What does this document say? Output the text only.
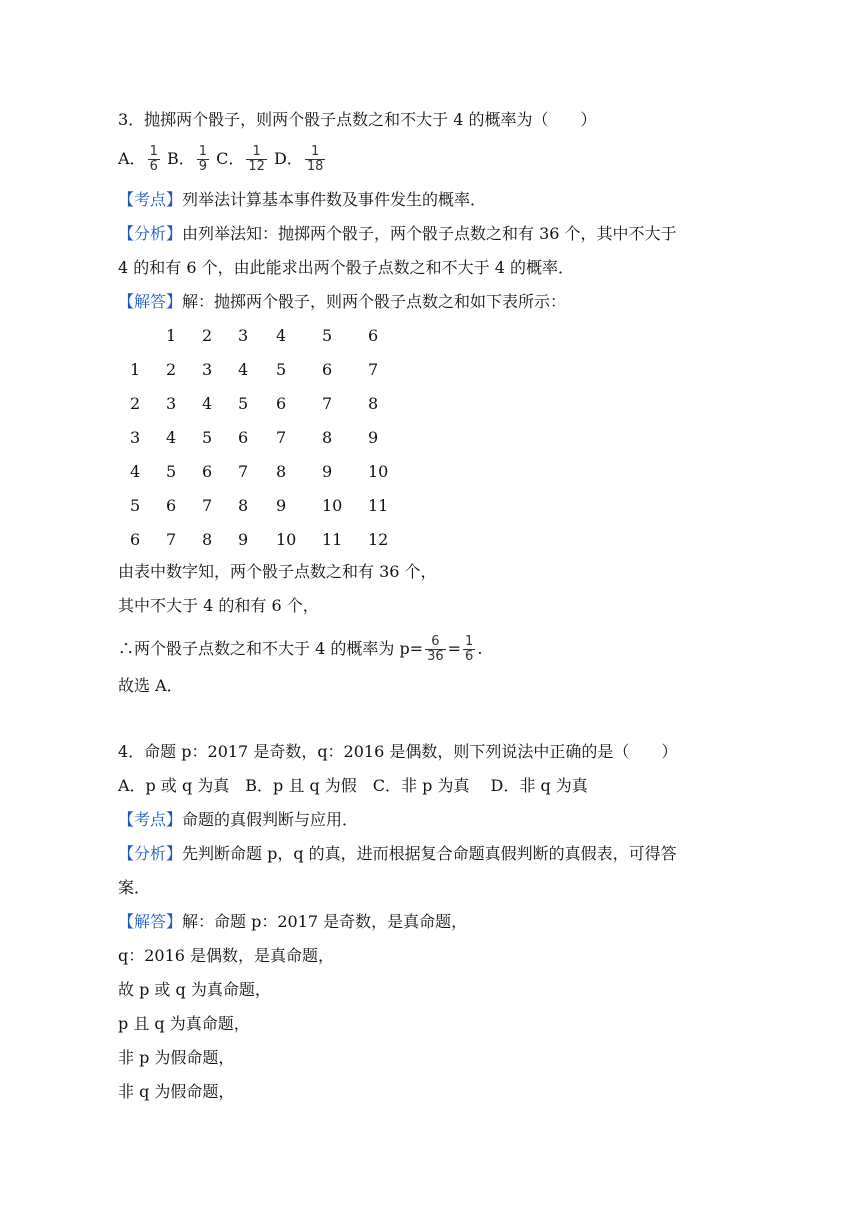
3．抛掷两个骰子，则两个骰子点数之和不大于 4 的概率为（　　）
A． $\frac{1}{6}$ B． $\frac{1}{9}$ C． $\frac{1}{12}$ D． $\frac{1}{18}$
【考点】列举法计算基本事件数及事件发生的概率．
【分析】由列举法知：抛掷两个骰子，两个骰子点数之和有 36 个，其中不大于
4 的和有 6 个，由此能求出两个骰子点数之和不大于 4 的概率．
【解答】解：抛掷两个骰子，则两个骰子点数之和如下表所示：
1 2 3 4 5 6
1 2 3 4 5 6 7
2 3 4 5 6 7 8
3 4 5 6 7 8 9
4 5 6 7 8 9 10
5 6 7 8 9 10 11
6 7 8 9 10 11 12
由表中数字知，两个骰子点数之和有 36 个，
其中不大于 4 的和有 6 个，
∴两个骰子点数之和不大于 4 的概率为 $p= \frac{6}{36} = \frac{1}{6}$ .
故选 A．
4．命题 p：2017 是奇数，q：2016 是偶数，则下列说法中正确的是（　　）
A．p 或 q 为真　B．p 且 q 为假　C．非 p 为真　 D．非 q 为真
【考点】命题的真假判断与应用．
【分析】先判断命题 p，q 的真，进而根据复合命题真假判断的真假表，可得答
案．
【解答】解：命题 p：2017 是奇数，是真命题，
q：2016 是偶数，是真命题，
故 p 或 q 为真命题，
p 且 q 为真命题，
非 p 为假命题，
非 q 为假命题，
